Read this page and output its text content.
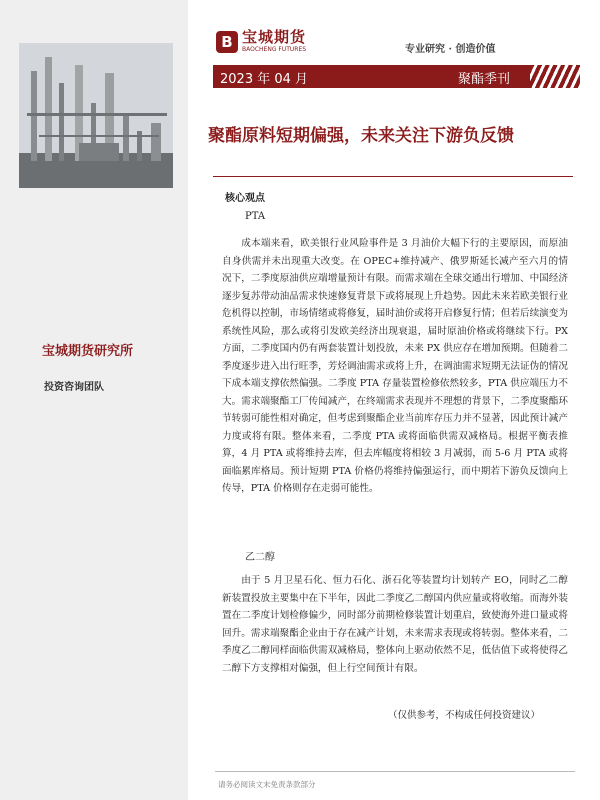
宝城期货研究所
投资咨询团队
B 宝城期货
BAOCHENG FUTURES	专业研究 · 创造价值
2023 年 04 月	聚酯季刊
聚酯原料短期偏强，未来关注下游负反馈
核心观点
PTA

成本端来看，欧美银行业风险事件是 3 月油价大幅下行的主要原因，而原油自身供需并未出现重大改变。在 OPEC+维持减产、俄罗斯延长减产至六月的情况下，二季度原油供应端增量预计有限。而需求端在全球交通出行增加、中国经济逐步复苏带动油品需求快速修复背景下或将展现上升趋势。因此未来若欧美银行业危机得以控制，市场情绪或将修复，届时油价或将开启修复行情；但若后续演变为系统性风险，那么或将引发欧美经济出现衰退，届时原油价格或将继续下行。PX 方面，二季度国内仍有两套装置计划投放，未来 PX 供应存在增加预期。但随着二季度逐步进入出行旺季，芳烃调油需求或将上升，在调油需求短期无法证伪的情况下成本端支撑依然偏强。二季度 PTA 存量装置检修依然较多，PTA 供应端压力不大。需求端聚酯工厂传闻减产，在终端需求表现并不理想的背景下，二季度聚酯环节转弱可能性相对确定，但考虑到聚酯企业当前库存压力并不显著，因此预计减产力度或将有限。整体来看，二季度 PTA 或将面临供需双减格局。根据平衡表推算，4 月 PTA 或将维持去库，但去库幅度将相较 3 月减弱，而 5-6 月 PTA 或将面临累库格局。预计短期 PTA 价格仍将维持偏强运行，而中期若下游负反馈向上传导，PTA 价格则存在走弱可能性。

乙二醇

由于 5 月卫星石化、恒力石化、浙石化等装置均计划转产 EO，同时乙二醇新装置投放主要集中在下半年，因此二季度乙二醇国内供应量或将收缩。而海外装置在二季度计划检修偏少，同时部分前期检修装置计划重启，致使海外进口量或将回升。需求端聚酯企业由于存在减产计划，未来需求表现或将转弱。整体来看，二季度乙二醇同样面临供需双减格局，整体向上驱动依然不足，低估值下或将使得乙二醇下方支撑相对偏强，但上行空间预计有限。

（仅供参考，不构成任何投资建议）
请务必阅读文末免责条款部分
